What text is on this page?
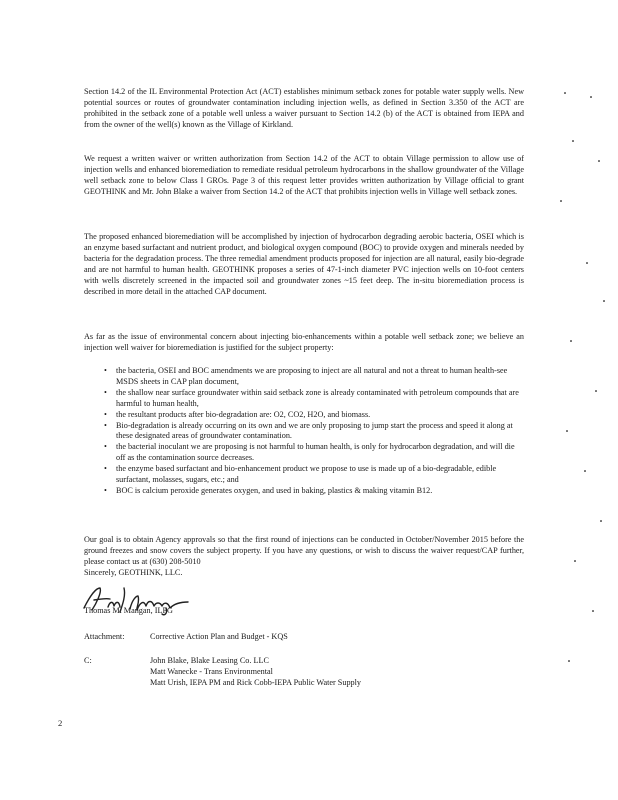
Section 14.2 of the IL Environmental Protection Act (ACT) establishes minimum setback zones for potable water supply wells. New potential sources or routes of groundwater contamination including injection wells, as defined in Section 3.350 of the ACT are prohibited in the setback zone of a potable well unless a waiver pursuant to Section 14.2 (b) of the ACT is obtained from IEPA and from the owner of the well(s) known as the Village of Kirkland.

We request a written waiver or written authorization from Section 14.2 of the ACT to obtain Village permission to allow use of injection wells and enhanced bioremediation to remediate residual petroleum hydrocarbons in the shallow groundwater of the Village well setback zone to below Class I GROs. Page 3 of this request letter provides written authorization by Village official to grant GEOTHINK and Mr. John Blake a waiver from Section 14.2 of the ACT that prohibits injection wells in Village well setback zones.

The proposed enhanced bioremediation will be accomplished by injection of hydrocarbon degrading aerobic bacteria, OSEI which is an enzyme based surfactant and nutrient product, and biological oxygen compound (BOC) to provide oxygen and minerals needed by bacteria for the degradation process. The three remedial amendment products proposed for injection are all natural, easily bio-degrade and are not harmful to human health. GEOTHINK proposes a series of 47-1-inch diameter PVC injection wells on 10-foot centers with wells discretely screened in the impacted soil and groundwater zones ~15 feet deep. The in-situ bioremediation process is described in more detail in the attached CAP document.

As far as the issue of environmental concern about injecting bio-enhancements within a potable well setback zone; we believe an injection well waiver for bioremediation is justified for the subject property:

• the bacteria, OSEI and BOC amendments we are proposing to inject are all natural and not a threat to human health-see MSDS sheets in CAP plan document,
• the shallow near surface groundwater within said setback zone is already contaminated with petroleum compounds that are harmful to human health,
• the resultant products after bio-degradation are: O2, CO2, H2O, and biomass.
• Bio-degradation is already occurring on its own and we are only proposing to jump start the process and speed it along at these designated areas of groundwater contamination.
• the bacterial inoculant we are proposing is not harmful to human health, is only for hydrocarbon degradation, and will die off as the contamination source decreases.
• the enzyme based surfactant and bio-enhancement product we propose to use is made up of a bio-degradable, edible surfactant, molasses, sugars, etc.; and
• BOC is calcium peroxide generates oxygen, and used in baking, plastics & making vitamin B12.

Our goal is to obtain Agency approvals so that the first round of injections can be conducted in October/November 2015 before the ground freezes and snow covers the subject property. If you have any questions, or wish to discuss the waiver request/CAP further, please contact us at (630) 208-5010

Sincerely, GEOTHINK, LLC.

Thomas M. Mangan, ILPG

Attachment:	Corrective Action Plan and Budget - KQS

C:	John Blake, Blake Leasing Co. LLC

Matt Wanecke - Trans Environmental

Matt Urish, IEPA PM and Rick Cobb-IEPA Public Water Supply

2
